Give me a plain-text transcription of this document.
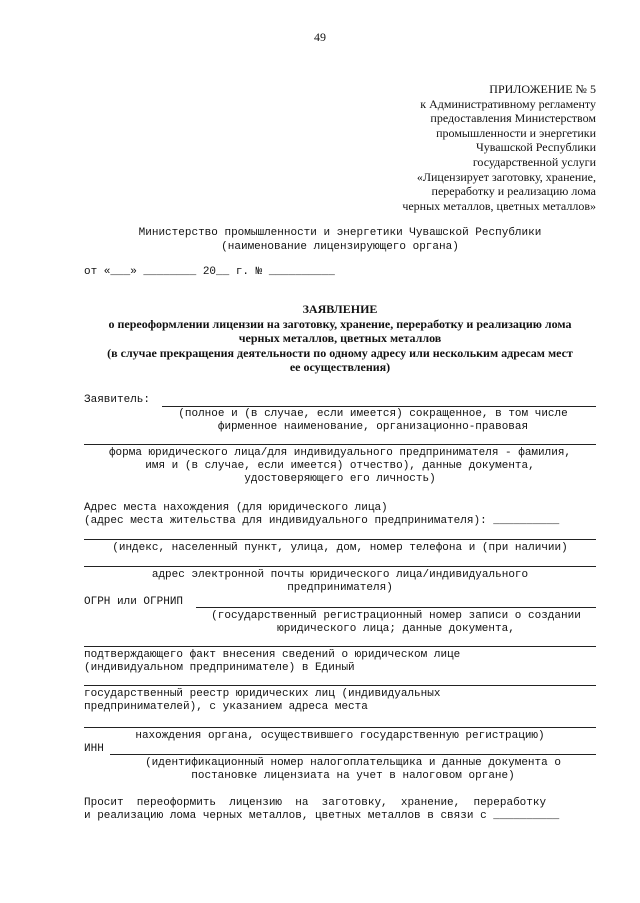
49
ПРИЛОЖЕНИЕ № 5
к Административному регламенту
предоставления Министерством
промышленности и энергетики
Чувашской Республики
государственной услуги
«Лицензирует заготовку, хранение,
переработку и реализацию лома
черных металлов, цветных металлов»
Министерство промышленности и энергетики Чувашской Республики
(наименование лицензирующего органа)
от «___» ________ 20__ г. № __________
ЗАЯВЛЕНИЕ
о переоформлении лицензии на заготовку, хранение, переработку и реализацию лома
черных металлов, цветных металлов
(в случае прекращения деятельности по одному адресу или нескольким адресам мест
ее осуществления)
Заявитель:
(полное и (в случае, если имеется) сокращенное, в том числе
фирменное наименование, организационно-правовая
форма юридического лица/для индивидуального предпринимателя - фамилия,
имя и (в случае, если имеется) отчество), данные документа,
удостоверяющего его личность)
Адрес места нахождения (для юридического лица)
(адрес места жительства для индивидуального предпринимателя): __________
(индекс, населенный пункт, улица, дом, номер телефона и (при наличии)
адрес электронной почты юридического лица/индивидуального
предпринимателя)
ОГРН или ОГРНИП
(государственный регистрационный номер записи о создании
юридического лица; данные документа,
подтверждающего факт внесения сведений о юридическом лице
(индивидуальном предпринимателе) в Единый
государственный реестр юридических лиц (индивидуальных
предпринимателей), с указанием адреса места
нахождения органа, осуществившего государственную регистрацию)
ИНН
(идентификационный номер налогоплательщика и данные документа о
постановке лицензиата на учет в налоговом органе)
Просит  переоформить  лицензию  на  заготовку,  хранение,  переработку
и реализацию лома черных металлов, цветных металлов в связи с __________
